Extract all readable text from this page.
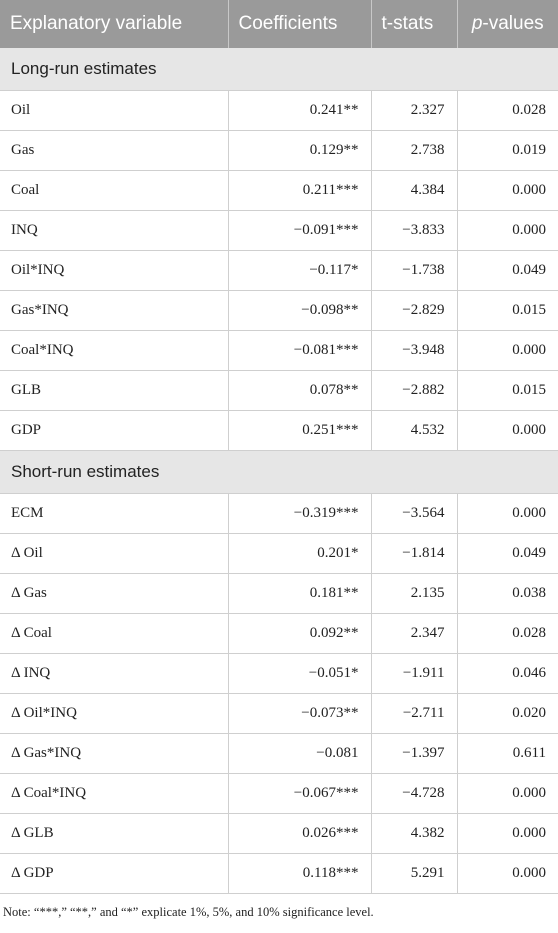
Explanatory variable	Coefficients	t-stats	p-values
Long-run estimates			
Oil	0.241**	2.327	0.028
Gas	0.129**	2.738	0.019
Coal	0.211***	4.384	0.000
INQ	−0.091***	−3.833	0.000
Oil*INQ	−0.117*	−1.738	0.049
Gas*INQ	−0.098**	−2.829	0.015
Coal*INQ	−0.081***	−3.948	0.000
GLB	0.078**	−2.882	0.015
GDP	0.251***	4.532	0.000
Short-run estimates			
ECM	−0.319***	−3.564	0.000
Δ Oil	0.201*	−1.814	0.049
Δ Gas	0.181**	2.135	0.038
Δ Coal	0.092**	2.347	0.028
Δ INQ	−0.051*	−1.911	0.046
Δ Oil*INQ	−0.073**	−2.711	0.020
Δ Gas*INQ	−0.081	−1.397	0.611
Δ Coal*INQ	−0.067***	−4.728	0.000
Δ GLB	0.026***	4.382	0.000
Δ GDP	0.118***	5.291	0.000
Note: “***,” “**,” and “*” explicate 1%, 5%, and 10% significance level.
